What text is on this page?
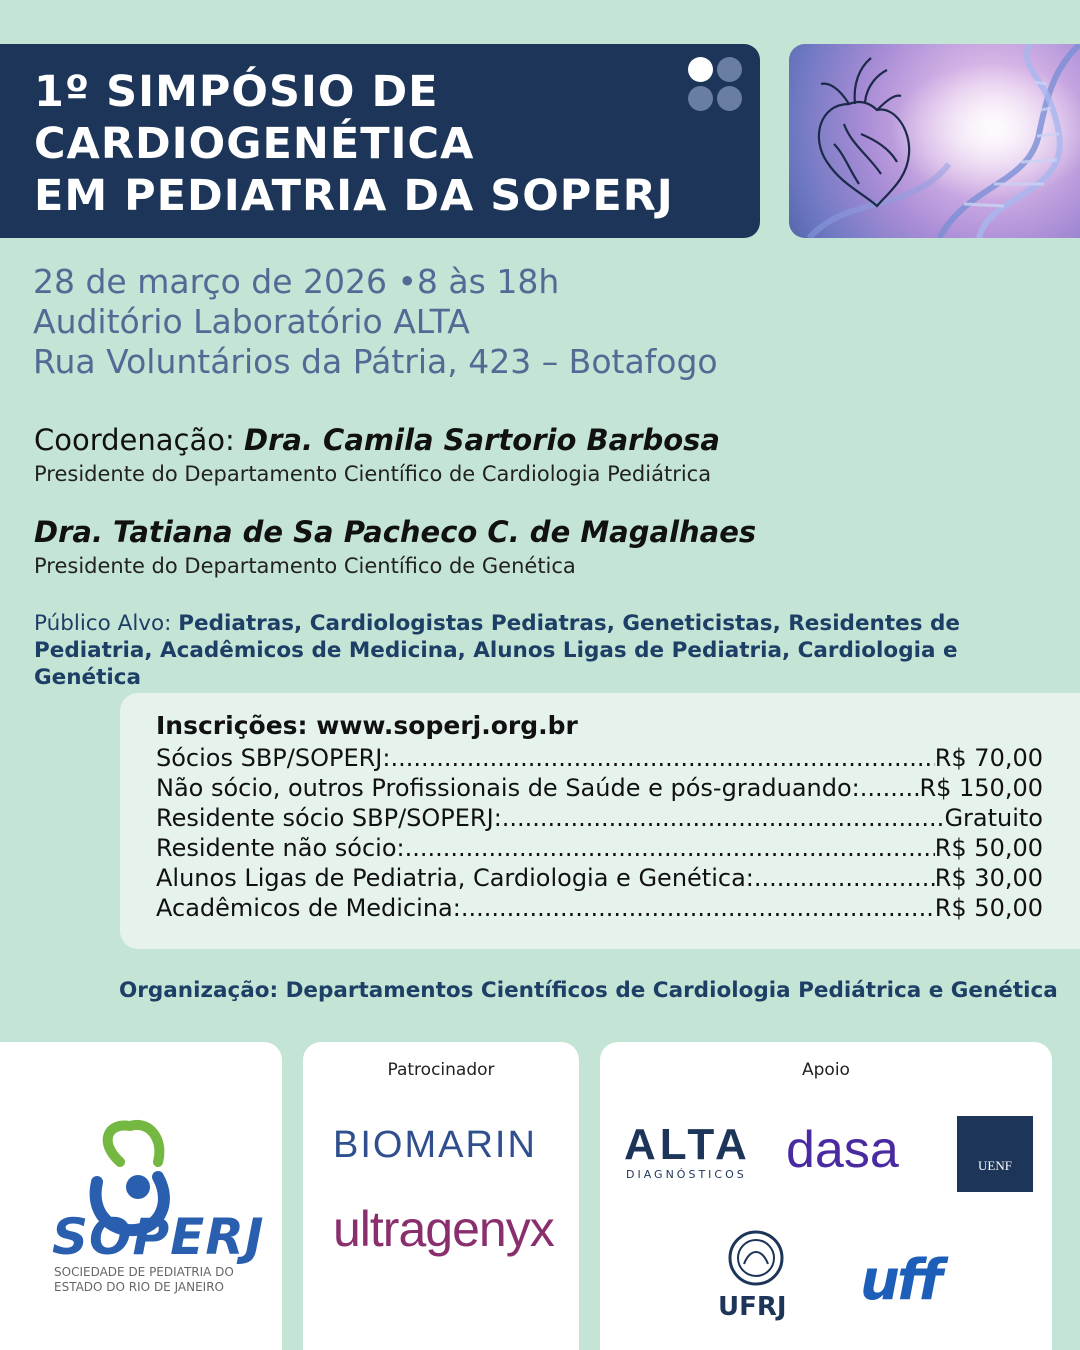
1º SIMPÓSIO DE
CARDIOGENÉTICA
EM PEDIATRIA DA SOPERJ
28 de março de 2026 •8 às 18h
Auditório Laboratório ALTA
Rua Voluntários da Pátria, 423 – Botafogo
Coordenação: Dra. Camila Sartorio Barbosa
Presidente do Departamento Científico de Cardiologia Pediátrica
Dra. Tatiana de Sa Pacheco C. de Magalhaes
Presidente do Departamento Científico de Genética
Público Alvo: Pediatras, Cardiologistas Pediatras, Geneticistas, Residentes de Pediatria, Acadêmicos de Medicina, Alunos Ligas de Pediatria, Cardiologia e Genética
Inscrições: www.soperj.org.br
Sócios SBP/SOPERJ: .....	R$ 70,00
Não sócio, outros Profissionais de Saúde e pós-graduando: ..... R$ 150,00
Residente sócio SBP/SOPERJ: .....	Gratuito
Residente não sócio: .....	R$ 50,00
Alunos Ligas de Pediatria, Cardiologia e Genética: .....	R$ 30,00
Acadêmicos de Medicina: .....	R$ 50,00
Organização: Departamentos Científicos de Cardiologia Pediátrica e Genética
SOPERJ
SOCIEDADE DE PEDIATRIA DO
ESTADO DO RIO DE JANEIRO
Patrocinador
BIOMARIN
ultragenyx
Apoio
ALTA
DIAGNÓSTICOS dasa	UENF
UFRJ uff
